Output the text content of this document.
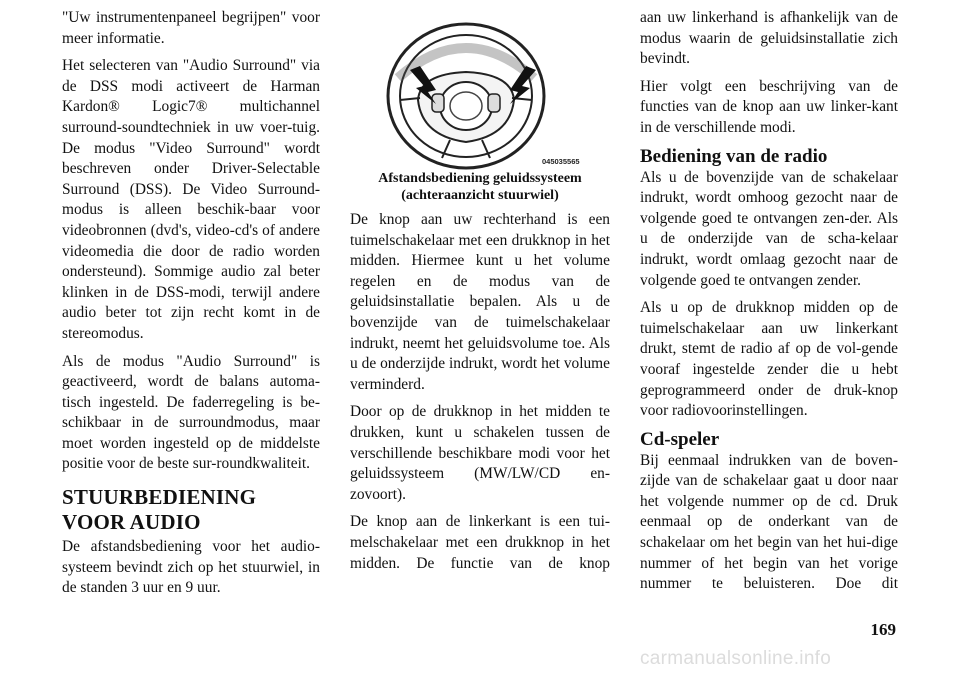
"Uw instrumentenpaneel begrijpen" voor meer informatie.

Het selecteren van "Audio Surround" via de DSS modi activeert de Harman Kardon® Logic7® multichannel surround-soundtechniek in uw voer-tuig. De modus "Video Surround" wordt beschreven onder Driver-Selectable Surround (DSS). De Video Surround-modus is alleen beschik-baar voor videobronnen (dvd's, video-cd's of andere videomedia die door de radio worden ondersteund). Sommige audio zal beter klinken in de DSS-modi, terwijl andere audio beter tot zijn recht komt in de stereomodus.

Als de modus "Audio Surround" is geactiveerd, wordt de balans automa-tisch ingesteld. De faderregeling is be-schikbaar in de surroundmodus, maar moet worden ingesteld op de middelste positie voor de beste sur-roundkwaliteit.

STUURBEDIENING
VOOR AUDIO

De afstandsbediening voor het audio-systeem bevindt zich op het stuurwiel, in de standen 3 uur en 9 uur.

045035565
Afstandsbediening geluidssysteem
(achteraanzicht stuurwiel)

De knop aan uw rechterhand is een tuimelschakelaar met een drukknop in het midden. Hiermee kunt u het volume regelen en de modus van de geluidsinstallatie bepalen. Als u de bovenzijde van de tuimelschakelaar indrukt, neemt het geluidsvolume toe. Als u de onderzijde indrukt, wordt het volume verminderd.

Door op de drukknop in het midden te drukken, kunt u schakelen tussen de verschillende beschikbare modi voor het geluidssysteem (MW/LW/CD en-zovoort).

De knop aan de linkerkant is een tui-melschakelaar met een drukknop in het midden. De functie van de knop

aan uw linkerhand is afhankelijk van de modus waarin de geluidsinstallatie zich bevindt.

Hier volgt een beschrijving van de functies van de knop aan uw linker-kant in de verschillende modi.

Bediening van de radio

Als u de bovenzijde van de schakelaar indrukt, wordt omhoog gezocht naar de volgende goed te ontvangen zen-der. Als u de onderzijde van de scha-kelaar indrukt, wordt omlaag gezocht naar de volgende goed te ontvangen zender.

Als u op de drukknop midden op de tuimelschakelaar aan uw linkerkant drukt, stemt de radio af op de vol-gende vooraf ingestelde zender die u hebt geprogrammeerd onder de druk-knop voor radiovoorinstellingen.

Cd-speler

Bij eenmaal indrukken van de boven-zijde van de schakelaar gaat u door naar het volgende nummer op de cd. Druk eenmaal op de onderkant van de schakelaar om het begin van het hui-dige nummer of het begin van het vorige nummer te beluisteren. Doe dit

169
carmanualsonline.info
